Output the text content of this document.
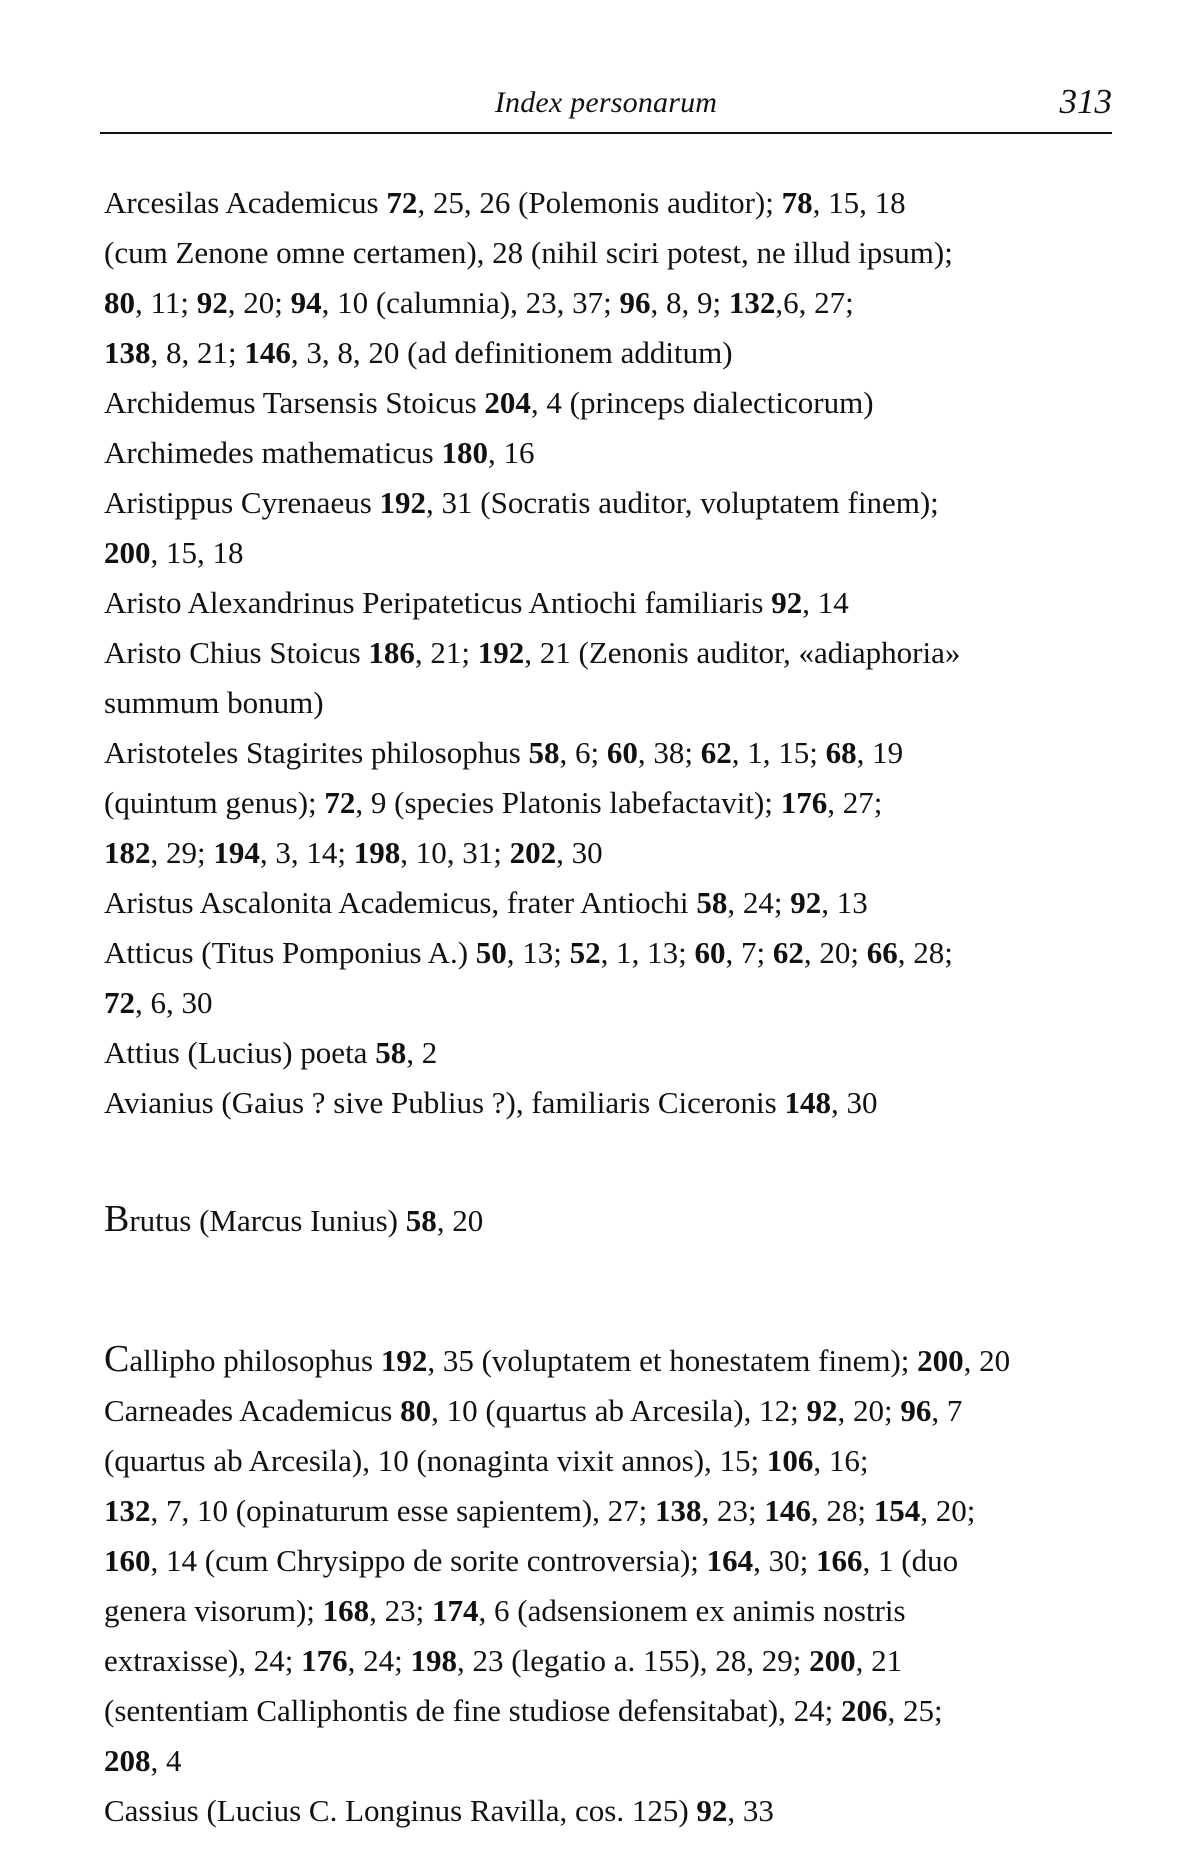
Index personarum	313
Arcesilas Academicus 72, 25, 26 (Polemonis auditor); 78, 15, 18
(cum Zenone omne certamen), 28 (nihil sciri potest, ne illud ipsum);
80, 11; 92, 20; 94, 10 (calumnia), 23, 37; 96, 8, 9; 132,6, 27;
138, 8, 21; 146, 3, 8, 20 (ad definitionem additum)
Archidemus Tarsensis Stoicus 204, 4 (princeps dialecticorum)
Archimedes mathematicus 180, 16
Aristippus Cyrenaeus 192, 31 (Socratis auditor, voluptatem finem);
200, 15, 18
Aristo Alexandrinus Peripateticus Antiochi familiaris 92, 14
Aristo Chius Stoicus 186, 21; 192, 21 (Zenonis auditor, «adiaphoria»
summum bonum)
Aristoteles Stagirites philosophus 58, 6; 60, 38; 62, 1, 15; 68, 19
(quintum genus); 72, 9 (species Platonis labefactavit); 176, 27;
182, 29; 194, 3, 14; 198, 10, 31; 202, 30
Aristus Ascalonita Academicus, frater Antiochi 58, 24; 92, 13
Atticus (Titus Pomponius A.) 50, 13; 52, 1, 13; 60, 7; 62, 20; 66, 28;
72, 6, 30
Attius (Lucius) poeta 58, 2
Avianius (Gaius ? sive Publius ?), familiaris Ciceronis 148, 30
Brutus (Marcus Iunius) 58, 20
Callipho philosophus 192, 35 (voluptatem et honestatem finem); 200, 20
Carneades Academicus 80, 10 (quartus ab Arcesila), 12; 92, 20; 96, 7
(quartus ab Arcesila), 10 (nonaginta vixit annos), 15; 106, 16;
132, 7, 10 (opinaturum esse sapientem), 27; 138, 23; 146, 28; 154, 20;
160, 14 (cum Chrysippo de sorite controversia); 164, 30; 166, 1 (duo
genera visorum); 168, 23; 174, 6 (adsensionem ex animis nostris
extraxisse), 24; 176, 24; 198, 23 (legatio a. 155), 28, 29; 200, 21
(sententiam Calliphontis de fine studiose defensitabat), 24; 206, 25;
208, 4
Cassius (Lucius C. Longinus Ravilla, cos. 125) 92, 33
